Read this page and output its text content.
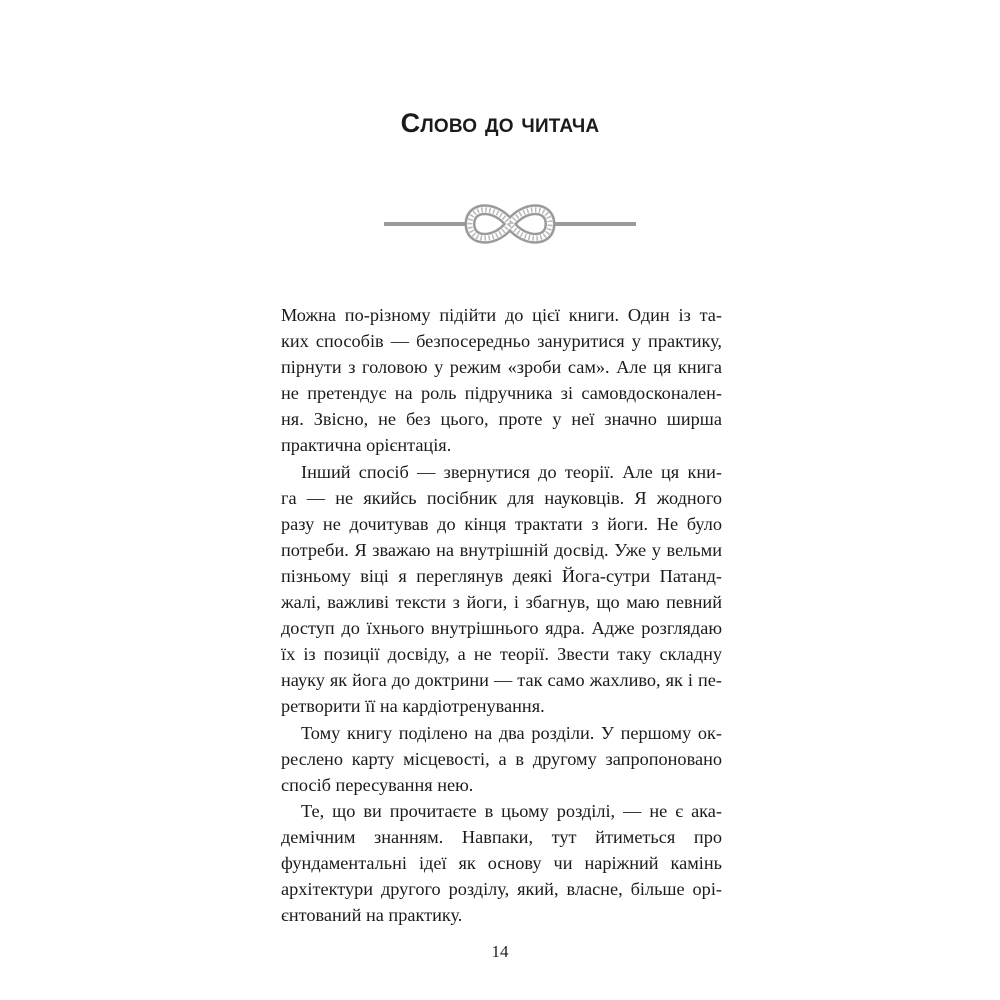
Слово до читача
Можна по-різному підійти до цієї книги. Один із та-
ких способів — безпосередньо зануритися у практику,
пірнути з головою у режим «зроби сам». Але ця книга
не претендує на роль підручника зі самовдосконален-
ня. Звісно, не без цього, проте у неї значно ширша
практична орієнтація.
Інший спосіб — звернутися до теорії. Але ця кни-
га — не якийсь посібник для науковців. Я жодного
разу не дочитував до кінця трактати з йоги. Не було
потреби. Я зважаю на внутрішній досвід. Уже у вельми
пізньому віці я переглянув деякі Йога-сутри Патанд-
жалі, важливі тексти з йоги, і збагнув, що маю певний
доступ до їхнього внутрішнього ядра. Адже розглядаю
їх із позиції досвіду, а не теорії. Звести таку складну
науку як йога до доктрини — так само жахливо, як і пе-
ретворити її на кардіотренування.
Тому книгу поділено на два розділи. У першому ок-
реслено карту місцевості, а в другому запропоновано
спосіб пересування нею.
Те, що ви прочитаєте в цьому розділі, — не є ака-
демічним знанням. Навпаки, тут йтиметься про
фундаментальні ідеї як основу чи наріжний камінь
архітектури другого розділу, який, власне, більше орі-
єнтований на практику.
14
